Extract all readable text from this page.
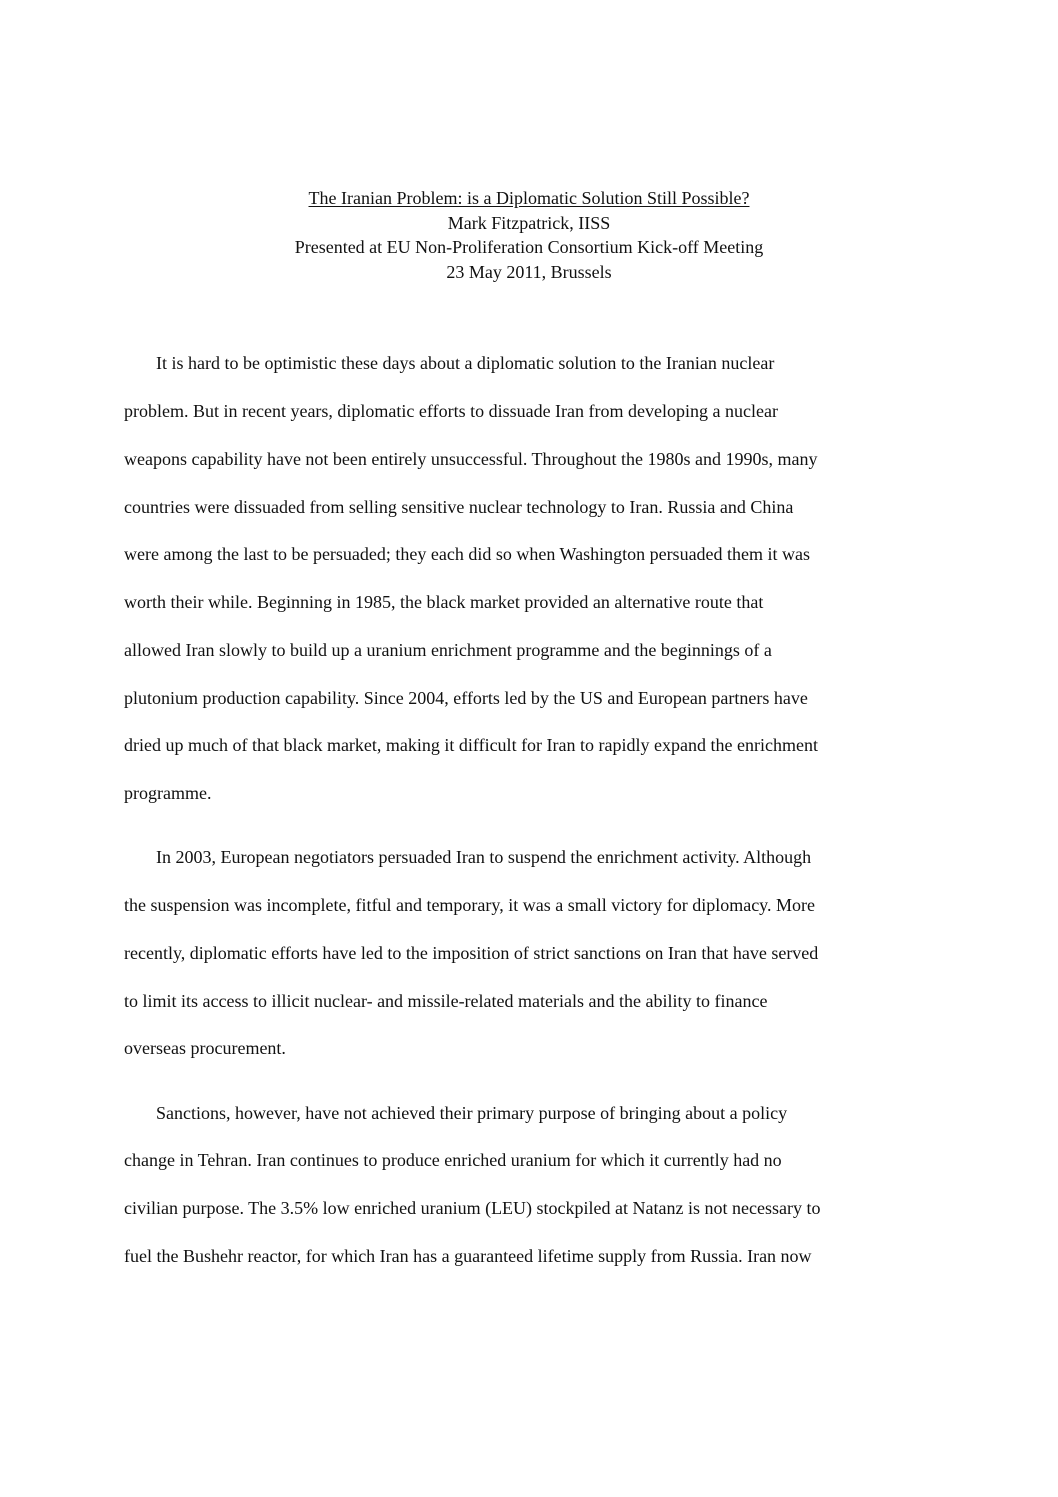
The Iranian Problem: is a Diplomatic Solution Still Possible?
Mark Fitzpatrick, IISS
Presented at EU Non-Proliferation Consortium Kick-off Meeting
23 May 2011, Brussels
It is hard to be optimistic these days about a diplomatic solution to the Iranian nuclear
problem. But in recent years, diplomatic efforts to dissuade Iran from developing a nuclear
weapons capability have not been entirely unsuccessful. Throughout the 1980s and 1990s, many
countries were dissuaded from selling sensitive nuclear technology to Iran. Russia and China
were among the last to be persuaded; they each did so when Washington persuaded them it was
worth their while. Beginning in 1985, the black market provided an alternative route that
allowed Iran slowly to build up a uranium enrichment programme and the beginnings of a
plutonium production capability. Since 2004, efforts led by the US and European partners have
dried up much of that black market, making it difficult for Iran to rapidly expand the enrichment
programme.
In 2003, European negotiators persuaded Iran to suspend the enrichment activity. Although
the suspension was incomplete, fitful and temporary, it was a small victory for diplomacy. More
recently, diplomatic efforts have led to the imposition of strict sanctions on Iran that have served
to limit its access to illicit nuclear- and missile-related materials and the ability to finance
overseas procurement.
Sanctions, however, have not achieved their primary purpose of bringing about a policy
change in Tehran. Iran continues to produce enriched uranium for which it currently had no
civilian purpose. The 3.5% low enriched uranium (LEU) stockpiled at Natanz is not necessary to
fuel the Bushehr reactor, for which Iran has a guaranteed lifetime supply from Russia. Iran now
